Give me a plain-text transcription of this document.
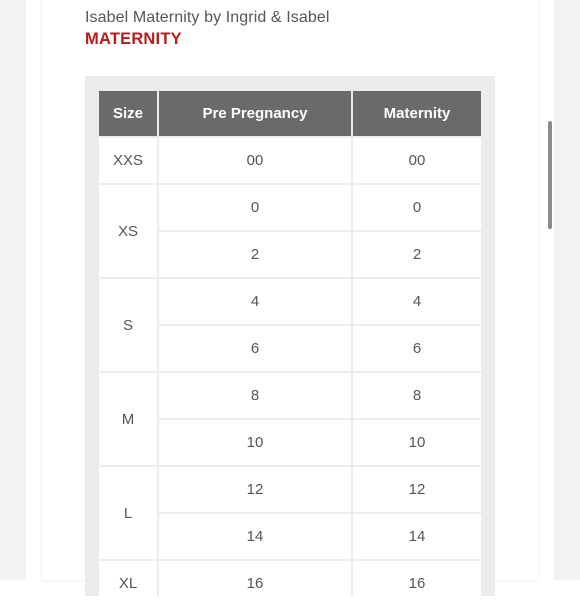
Isabel Maternity by Ingrid & Isabel
MATERNITY
Size	Pre Pregnancy	Maternity
XXS	00	00
XS	0	0
	2	2
S	4	4
	6	6
M	8	8
	10	10
L	12	12
	14	14
XL	16	16
